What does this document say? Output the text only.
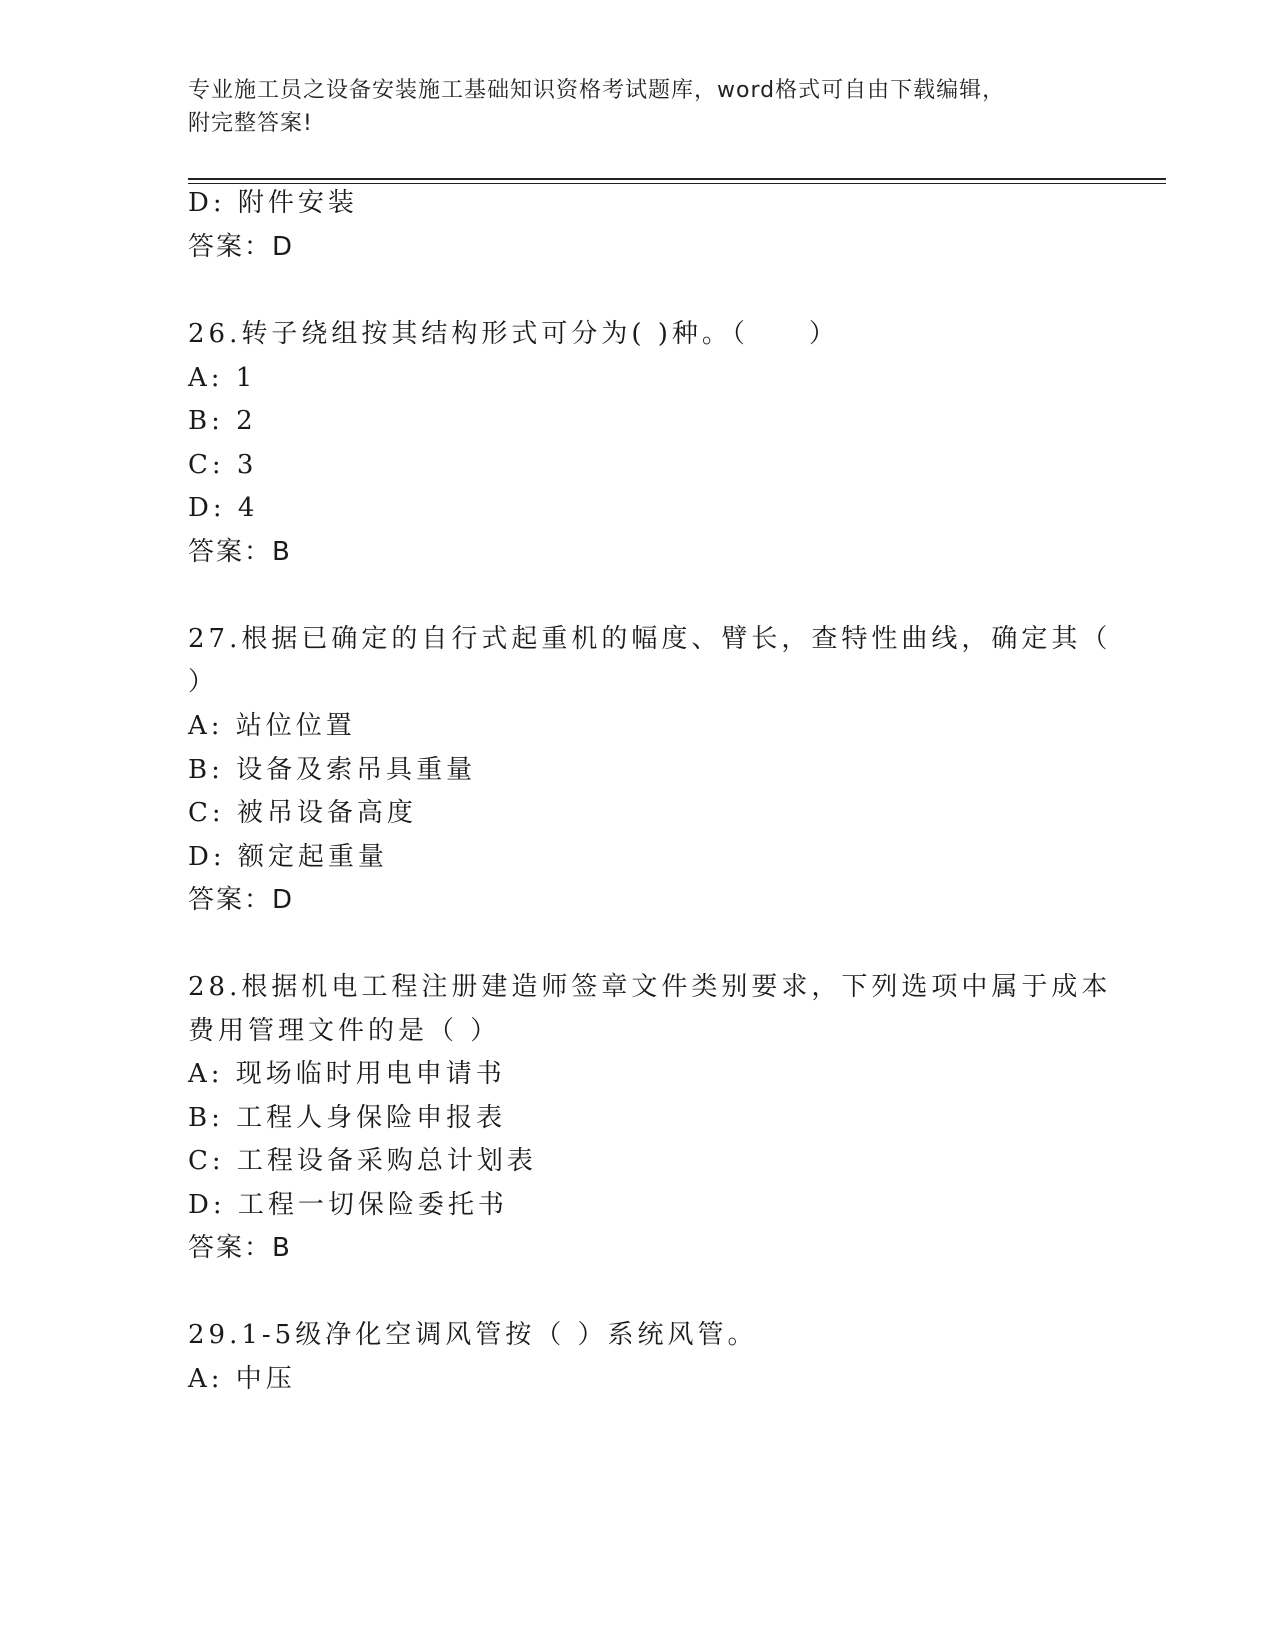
专业施工员之设备安装施工基础知识资格考试题库，word格式可自由下载编辑，
附完整答案!
D: 附件安装
答案：D
26.转子绕组按其结构形式可分为( )种。（　　）
A: 1
B: 2
C: 3
D: 4
答案：B
27.根据已确定的自行式起重机的幅度、臂长，查特性曲线，确定其（
）
A: 站位位置
B: 设备及索吊具重量
C: 被吊设备高度
D: 额定起重量
答案：D
28.根据机电工程注册建造师签章文件类别要求，下列选项中属于成本
费用管理文件的是（ ）
A: 现场临时用电申请书
B: 工程人身保险申报表
C: 工程设备采购总计划表
D: 工程一切保险委托书
答案：B
29.1-5级净化空调风管按（ ）系统风管。
A: 中压
